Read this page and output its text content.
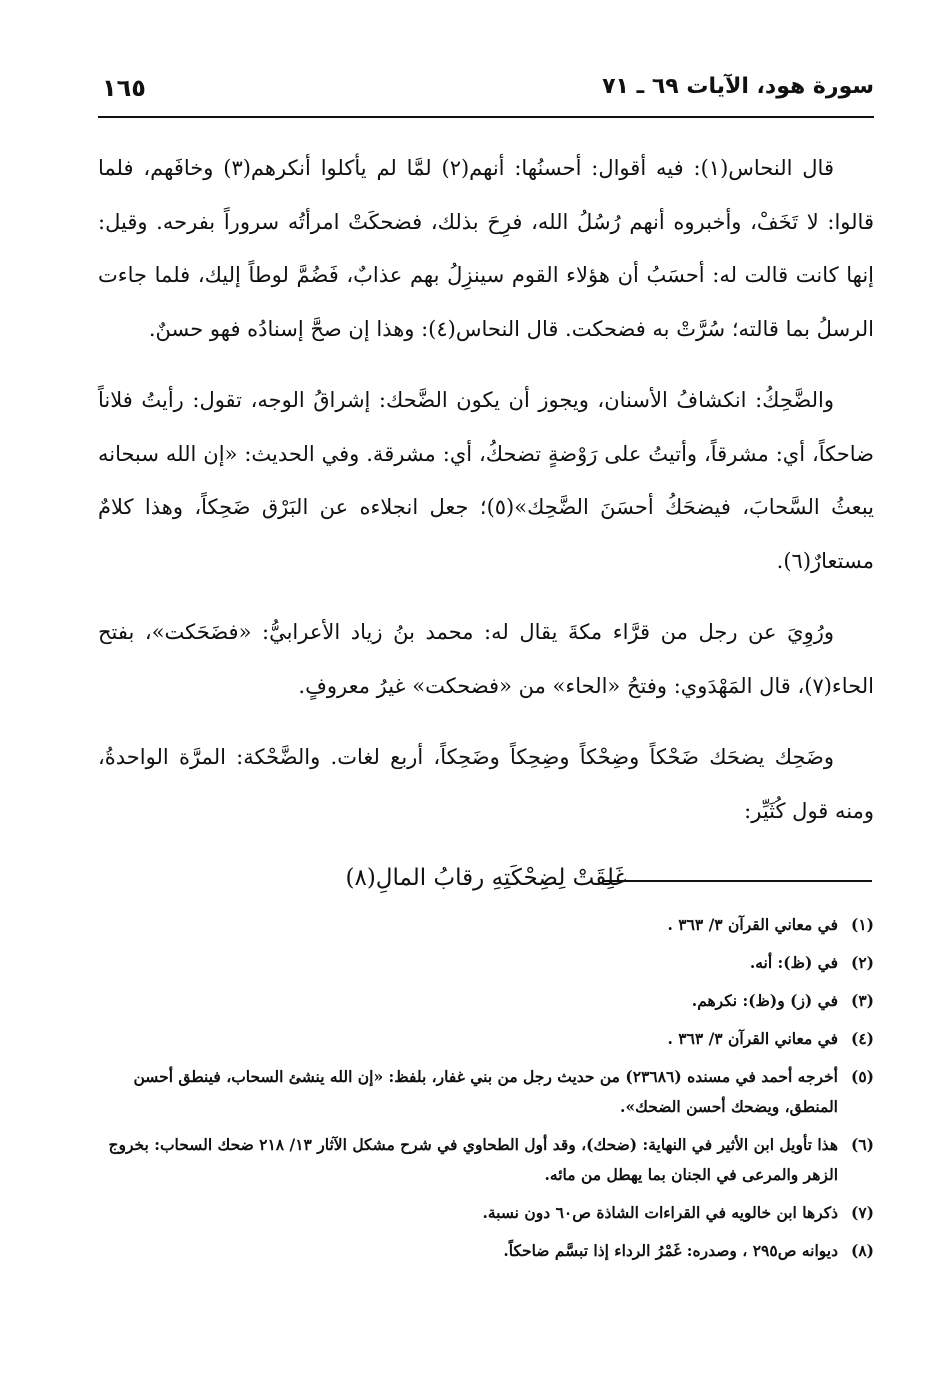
سورة هود، الآيات ٦٩ ـ ٧١
١٦٥

قال النحاس(١): فيه أقوال: أحسنُها: أنهم(٢) لمَّا لم يأكلوا أنكرهم(٣) وخافَهم، فلما قالوا: لا تَخَفْ، وأخبروه أنهم رُسُلُ الله، فرِحَ بذلك، فضحكَتْ امرأتُه سروراً بفرحه. وقيل: إنها كانت قالت له: أحسَبُ أن هؤلاء القوم سينزِلُ بهم عذابٌ، فَضُمَّ لوطاً إليك، فلما جاءت الرسلُ بما قالته؛ سُرَّتْ به فضحكت. قال النحاس(٤): وهذا إن صحَّ إسنادُه فهو حسنٌ.

والضَّحِكُ: انكشافُ الأسنان، ويجوز أن يكون الضَّحك: إشراقُ الوجه، تقول: رأيتُ فلاناً ضاحكاً، أي: مشرقاً، وأتيتُ على رَوْضةٍ تضحكُ، أي: مشرقة. وفي الحديث: «إن الله سبحانه يبعثُ السَّحابَ، فيضحَكُ أحسَنَ الضَّحِك»(٥)؛ جعل انجلاءه عن البَرْق ضَحِكاً، وهذا كلامٌ مستعارٌ(٦).

ورُوِيَ عن رجل من قرَّاء مكةَ يقال له: محمد بنُ زياد الأعرابيُّ: «فضَحَكت»، بفتح الحاء(٧)، قال المَهْدَوي: وفتحُ «الحاء» من «فضحكت» غيرُ معروفٍ.

وضَحِك يضحَك ضَحْكاً وضِحْكاً وضِحِكاً وضَحِكاً، أربع لغات. والضَّحْكة: المرَّة الواحدةُ، ومنه قول كُثَيِّر:

غَلِقَتْ لِضِحْكَتِهِ رقابُ المالِ(٨)
(١)
في معاني القرآن ٣/ ٣٦٣ .
(٢)
في (ظ): أنه.
(٣)
في (ز) و(ظ): نكرهم.
(٤)
في معاني القرآن ٣/ ٣٦٣ .
(٥)
أخرجه أحمد في مسنده (٢٣٦٨٦) من حديث رجل من بني غفار، بلفظ: «إن الله ينشئ السحاب، فينطق أحسن المنطق، ويضحك أحسن الضحك».
(٦)
هذا تأويل ابن الأثير في النهاية: (ضحك)، وقد أول الطحاوي في شرح مشكل الآثار ١٣/ ٢١٨ ضحك السحاب: بخروج الزهر والمرعى في الجنان بما يهطل من مائه.
(٧)
ذكرها ابن خالويه في القراءات الشاذة ص٦٠ دون نسبة.
(٨)
ديوانه ص٢٩٥ ، وصدره: غَمْرُ الرداء إذا تبسَّم ضاحكاً.
